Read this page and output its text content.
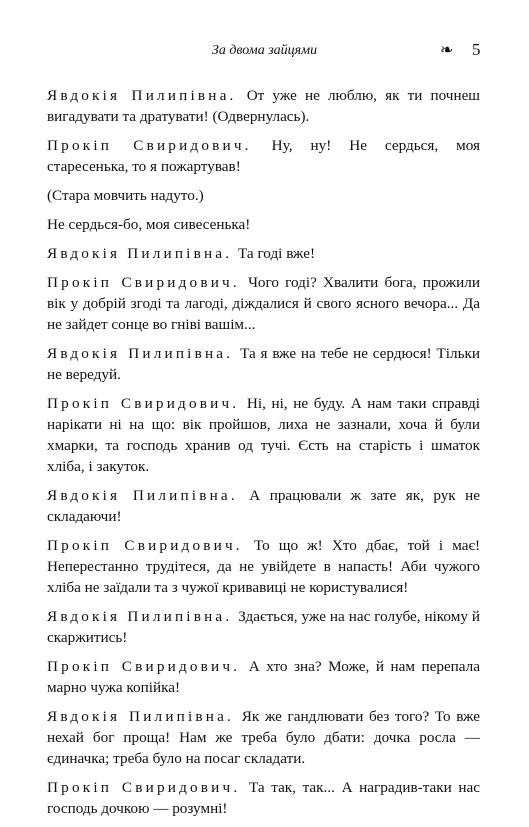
За двома зайцями	❧ 5

Явдокія Пилипівна. От уже не люблю, як ти почнеш вигадувати та дратувати! (Одвернулась).

Прокіп Свиридович. Ну, ну! Не сердься, моя старесенька, то я пожартував!

(Стара мовчить надуто.)

Не сердься-бо, моя сивесенька!

Явдокія Пилипівна. Та годі вже!

Прокіп Свиридович. Чого годі? Хвалити бога, прожили вік у добрій згоді та лагоді, діждалися й свого ясного вечора... Да не зайдет сонце во гніві вашім...

Явдокія Пилипівна. Та я вже на тебе не сердюся! Тільки не вередуй.

Прокіп Свиридович. Ні, ні, не буду. А нам таки справді нарікати ні на що: вік пройшов, лиха не зазнали, хоча й були хмарки, та господь хранив од тучі. Єсть на старість і шматок хліба, і закуток.

Явдокія Пилипівна. А працювали ж зате як, рук не складаючи!

Прокіп Свиридович. То що ж! Хто дбає, той і має! Неперестанно трудітеся, да не увійдете в напасть! Аби чужого хліба не заїдали та з чужої кривавиці не користувалися!

Явдокія Пилипівна. Здається, уже на нас голубе, нікому й скаржитись!

Прокіп Свиридович. А хто зна? Може, й нам перепала марно чужа копійка!

Явдокія Пилипівна. Як же гандлювати без того? То вже нехай бог проща! Нам же треба було дбати: дочка росла — єдиначка; треба було на посаг складати.

Прокіп Свиридович. Та так, так... А нагрaдив-таки нас господь дочкою — розумні!
